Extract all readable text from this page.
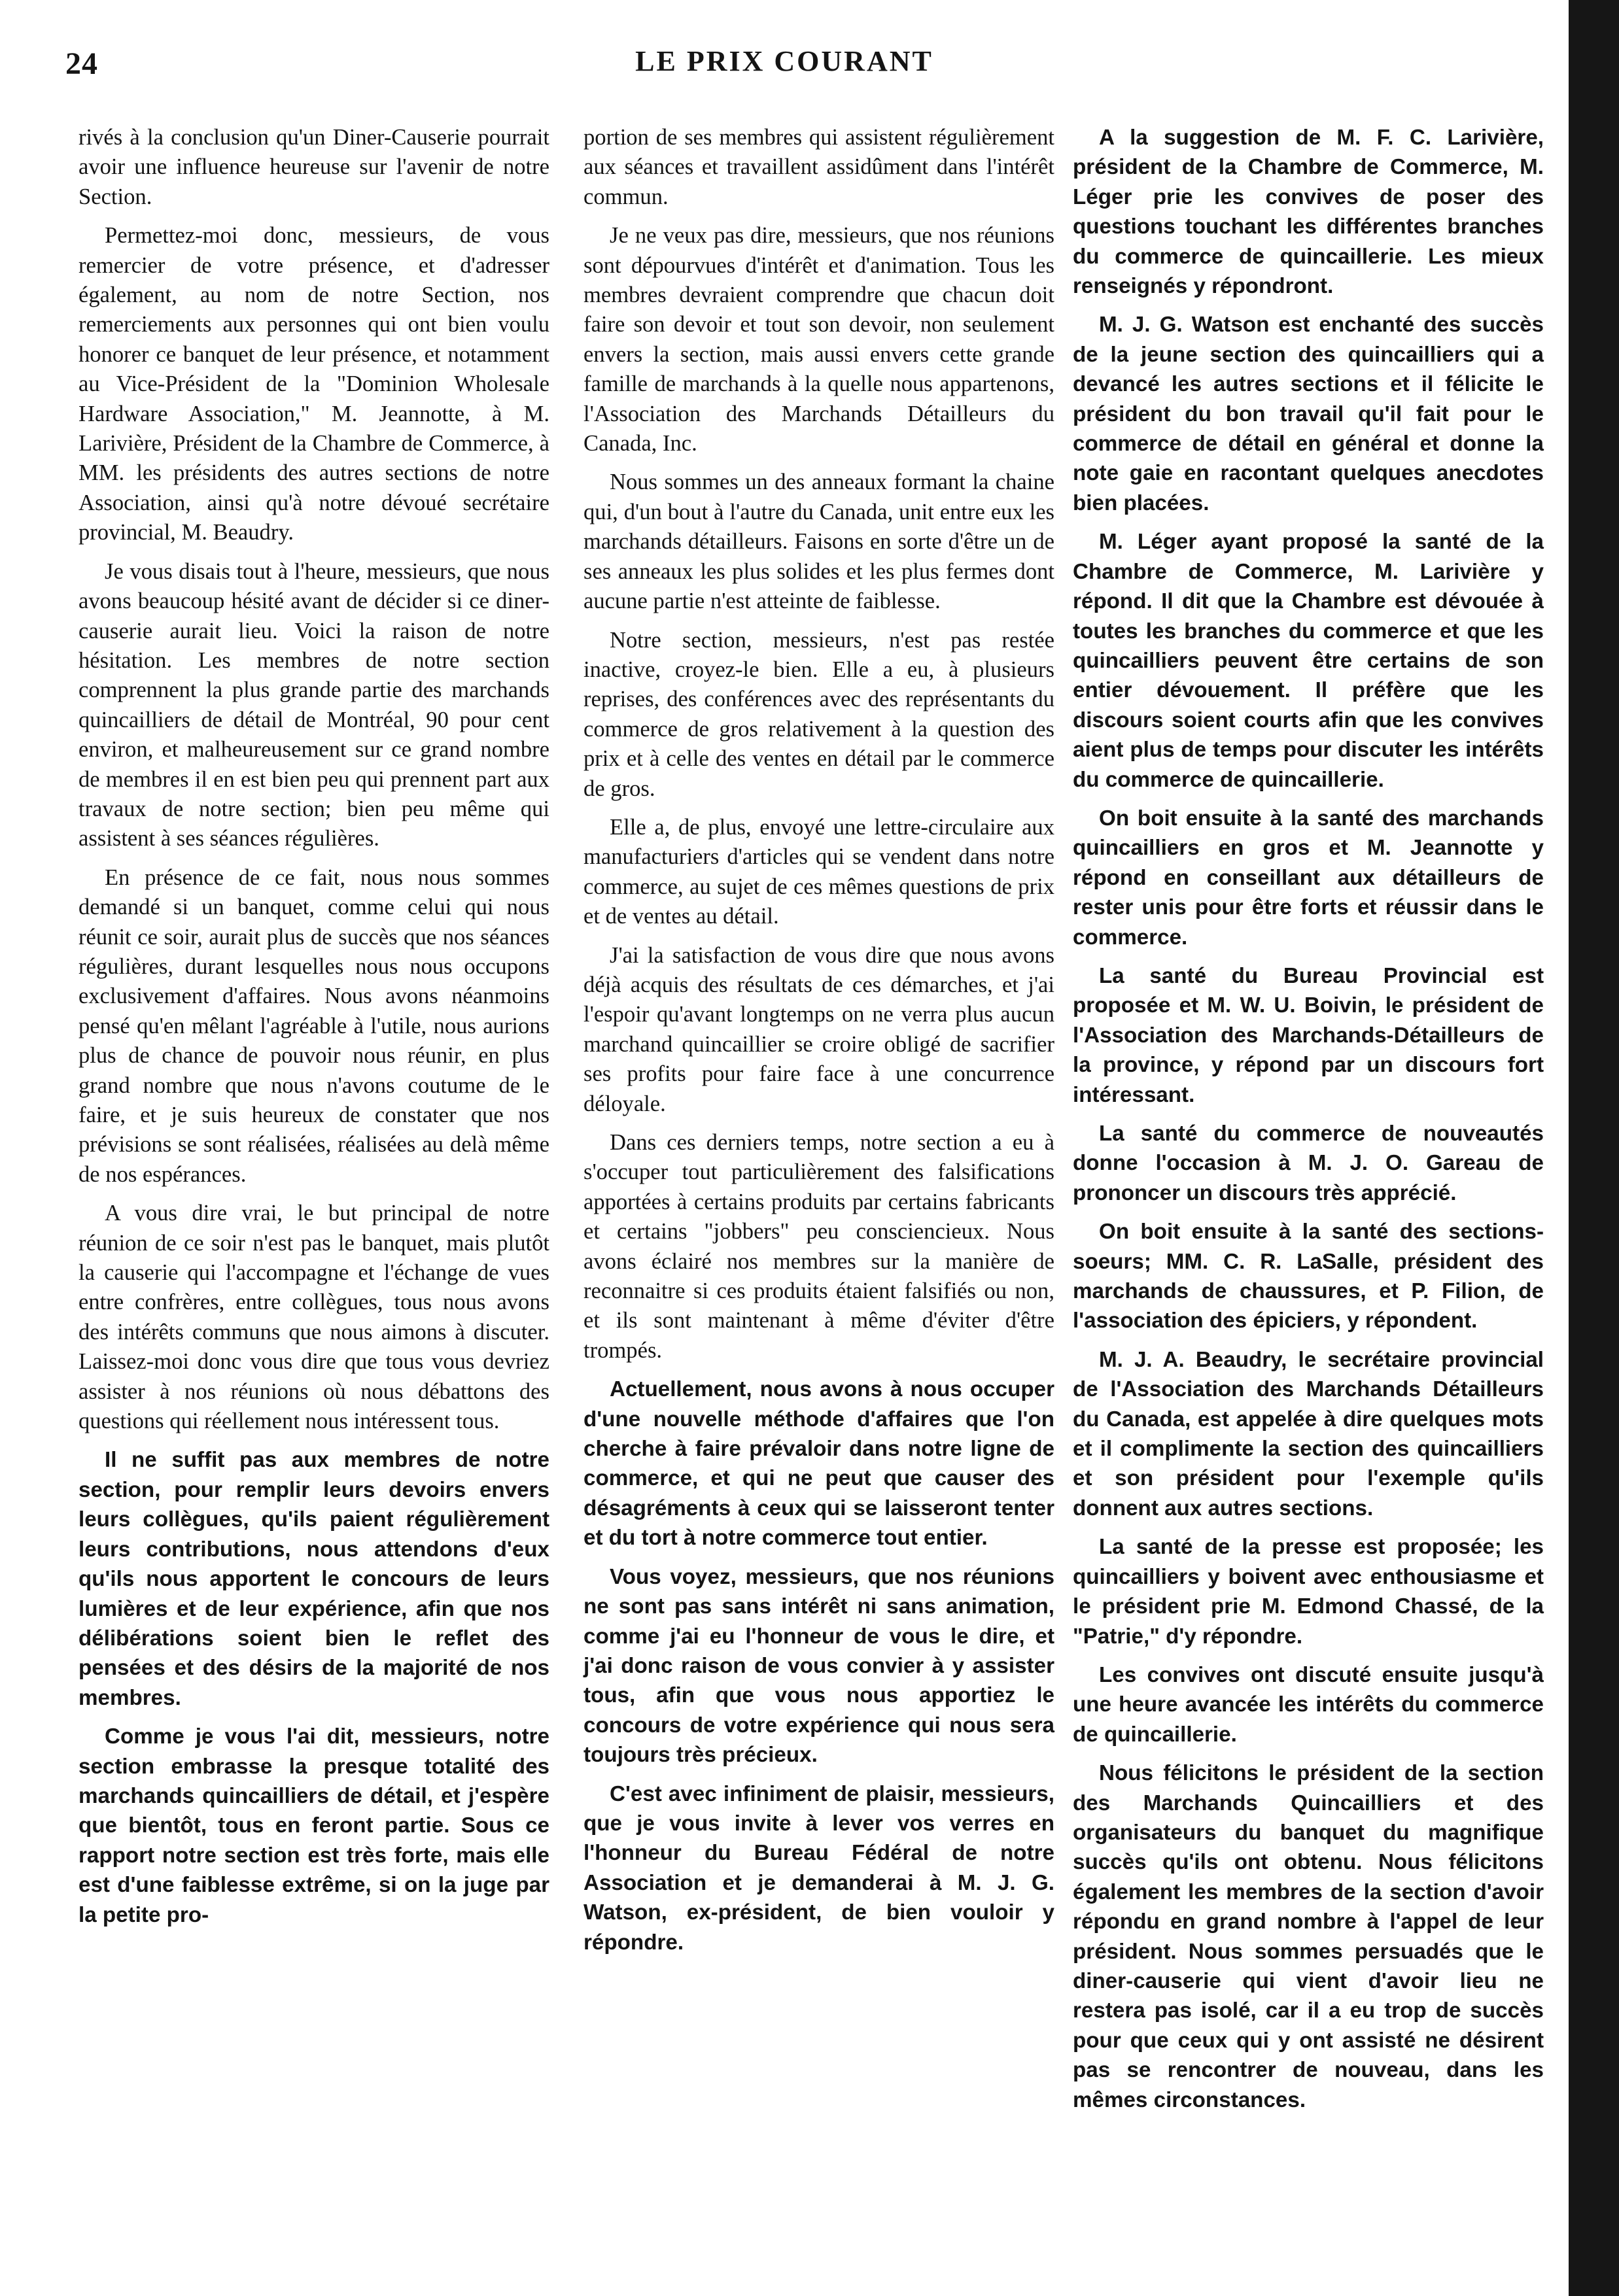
24	LE PRIX COURANT

rivés à la conclusion qu'un Diner-Causerie pourrait avoir une influence heureuse sur l'avenir de notre Section.

Permettez-moi donc, messieurs, de vous remercier de votre présence, et d'adresser également, au nom de notre Section, nos remerciements aux personnes qui ont bien voulu honorer ce banquet de leur présence, et notamment au Vice-Président de la "Dominion Wholesale Hardware Association," M. Jeannotte, à M. Larivière, Président de la Chambre de Commerce, à MM. les présidents des autres sections de notre Association, ainsi qu'à notre dévoué secrétaire provincial, M. Beaudry.

Je vous disais tout à l'heure, messieurs, que nous avons beaucoup hésité avant de décider si ce diner-causerie aurait lieu. Voici la raison de notre hésitation. Les membres de notre section comprennent la plus grande partie des marchands quincailliers de détail de Montréal, 90 pour cent environ, et malheureusement sur ce grand nombre de membres il en est bien peu qui prennent part aux travaux de notre section; bien peu même qui assistent à ses séances régulières.

En présence de ce fait, nous nous sommes demandé si un banquet, comme celui qui nous réunit ce soir, aurait plus de succès que nos séances régulières, durant lesquelles nous nous occupons exclusivement d'affaires. Nous avons néanmoins pensé qu'en mêlant l'agréable à l'utile, nous aurions plus de chance de pouvoir nous réunir, en plus grand nombre que nous n'avons coutume de le faire, et je suis heureux de constater que nos prévisions se sont réalisées, réalisées au delà même de nos espérances.

A vous dire vrai, le but principal de notre réunion de ce soir n'est pas le banquet, mais plutôt la causerie qui l'accompagne et l'échange de vues entre confrères, entre collègues, tous nous avons des intérêts communs que nous aimons à discuter. Laissez-moi donc vous dire que tous vous devriez assister à nos réunions où nous débattons des questions qui réellement nous intéressent tous.

Il ne suffit pas aux membres de notre section, pour remplir leurs devoirs envers leurs collègues, qu'ils paient régulièrement leurs contributions, nous attendons d'eux qu'ils nous apportent le concours de leurs lumières et de leur expérience, afin que nos délibérations soient bien le reflet des pensées et des désirs de la majorité de nos membres.

Comme je vous l'ai dit, messieurs, notre section embrasse la presque totalité des marchands quincailliers de détail, et j'espère que bientôt, tous en feront partie. Sous ce rapport notre section est très forte, mais elle est d'une faiblesse extrême, si on la juge par la petite pro-

portion de ses membres qui assistent régulièrement aux séances et travaillent assidûment dans l'intérêt commun.

Je ne veux pas dire, messieurs, que nos réunions sont dépourvues d'intérêt et d'animation. Tous les membres devraient comprendre que chacun doit faire son devoir et tout son devoir, non seulement envers la section, mais aussi envers cette grande famille de marchands à la quelle nous appartenons, l'Association des Marchands Détailleurs du Canada, Inc.

Nous sommes un des anneaux formant la chaine qui, d'un bout à l'autre du Canada, unit entre eux les marchands détailleurs. Faisons en sorte d'être un de ses anneaux les plus solides et les plus fermes dont aucune partie n'est atteinte de faiblesse.

Notre section, messieurs, n'est pas restée inactive, croyez-le bien. Elle a eu, à plusieurs reprises, des conférences avec des représentants du commerce de gros relativement à la question des prix et à celle des ventes en détail par le commerce de gros.

Elle a, de plus, envoyé une lettre-circulaire aux manufacturiers d'articles qui se vendent dans notre commerce, au sujet de ces mêmes questions de prix et de ventes au détail.

J'ai la satisfaction de vous dire que nous avons déjà acquis des résultats de ces démarches, et j'ai l'espoir qu'avant longtemps on ne verra plus aucun marchand quincaillier se croire obligé de sacrifier ses profits pour faire face à une concurrence déloyale.

Dans ces derniers temps, notre section a eu à s'occuper tout particulièrement des falsifications apportées à certains produits par certains fabricants et certains "jobbers" peu consciencieux. Nous avons éclairé nos membres sur la manière de reconnaitre si ces produits étaient falsifiés ou non, et ils sont maintenant à même d'éviter d'être trompés.

Actuellement, nous avons à nous occuper d'une nouvelle méthode d'affaires que l'on cherche à faire prévaloir dans notre ligne de commerce, et qui ne peut que causer des désagréments à ceux qui se laisseront tenter et du tort à notre commerce tout entier.

Vous voyez, messieurs, que nos réunions ne sont pas sans intérêt ni sans animation, comme j'ai eu l'honneur de vous le dire, et j'ai donc raison de vous convier à y assister tous, afin que vous nous apportiez le concours de votre expérience qui nous sera toujours très précieux.

C'est avec infiniment de plaisir, messieurs, que je vous invite à lever vos verres en l'honneur du Bureau Fédéral de notre Association et je demanderai à M. J. G. Watson, ex-président, de bien vouloir y répondre.

A la suggestion de M. F. C. Larivière, président de la Chambre de Commerce, M. Léger prie les convives de poser des questions touchant les différentes branches du commerce de quincaillerie. Les mieux renseignés y répondront.

M. J. G. Watson est enchanté des succès de la jeune section des quincailliers qui a devancé les autres sections et il félicite le président du bon travail qu'il fait pour le commerce de détail en général et donne la note gaie en racontant quelques anecdotes bien placées.

M. Léger ayant proposé la santé de la Chambre de Commerce, M. Larivière y répond. Il dit que la Chambre est dévouée à toutes les branches du commerce et que les quincailliers peuvent être certains de son entier dévouement. Il préfère que les discours soient courts afin que les convives aient plus de temps pour discuter les intérêts du commerce de quincaillerie.

On boit ensuite à la santé des marchands quincailliers en gros et M. Jeannotte y répond en conseillant aux détailleurs de rester unis pour être forts et réussir dans le commerce.

La santé du Bureau Provincial est proposée et M. W. U. Boivin, le président de l'Association des Marchands-Détailleurs de la province, y répond par un discours fort intéressant.

La santé du commerce de nouveautés donne l'occasion à M. J. O. Gareau de prononcer un discours très apprécié.

On boit ensuite à la santé des sections-soeurs; MM. C. R. LaSalle, président des marchands de chaussures, et P. Filion, de l'association des épiciers, y répondent.

M. J. A. Beaudry, le secrétaire provincial de l'Association des Marchands Détailleurs du Canada, est appelée à dire quelques mots et il complimente la section des quincailliers et son président pour l'exemple qu'ils donnent aux autres sections.

La santé de la presse est proposée; les quincailliers y boivent avec enthousiasme et le président prie M. Edmond Chassé, de la "Patrie," d'y répondre.

Les convives ont discuté ensuite jusqu'à une heure avancée les intérêts du commerce de quincaillerie.

Nous félicitons le président de la section des Marchands Quincailliers et des organisateurs du banquet du magnifique succès qu'ils ont obtenu. Nous félicitons également les membres de la section d'avoir répondu en grand nombre à l'appel de leur président. Nous sommes persuadés que le diner-causerie qui vient d'avoir lieu ne restera pas isolé, car il a eu trop de succès pour que ceux qui y ont assisté ne désirent pas se rencontrer de nouveau, dans les mêmes circonstances.
